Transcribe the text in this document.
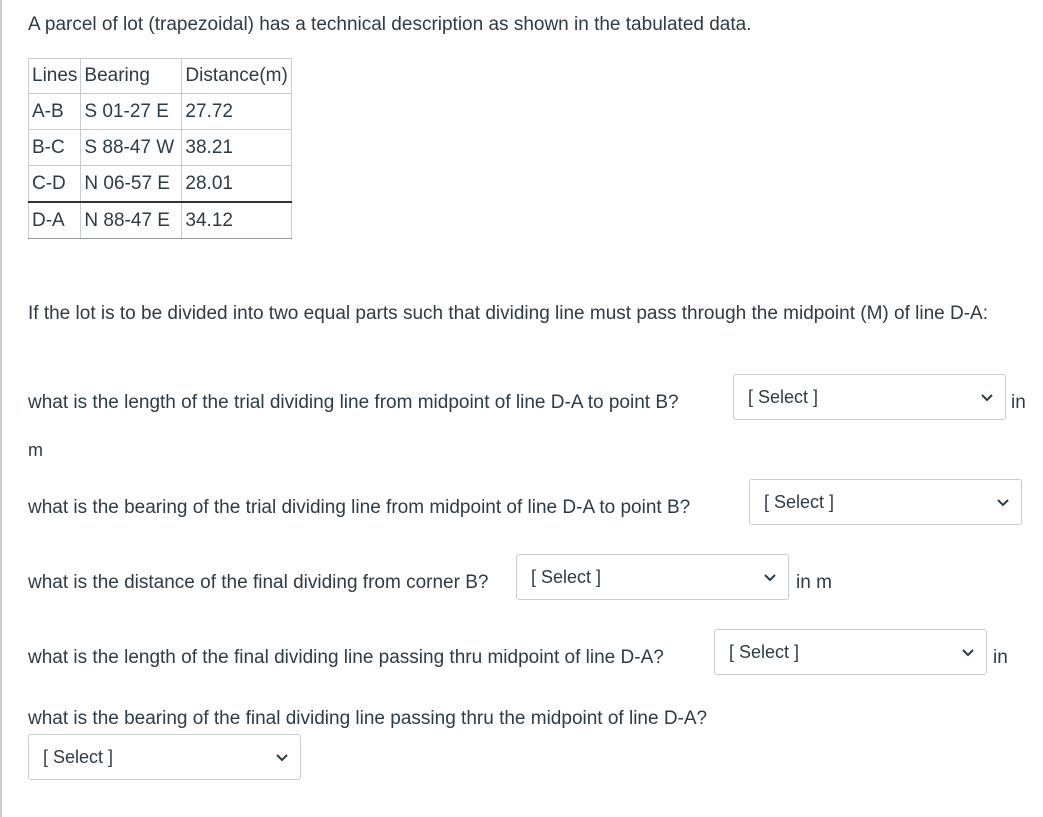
A parcel of lot (trapezoidal) has a technical description as shown in the tabulated data.
Lines	Bearing	Distance(m)
A-B	S 01-27 E	27.72
B-C	S 88-47 W	38.21
C-D	N 06-57 E	28.01
D-A	N 88-47 E	34.12
If the lot is to be divided into two equal parts such that dividing line must pass through the midpoint (M) of line D-A:
what is the length of the trial dividing line from midpoint of line D-A to point B?	[ Select ]	in
m
what is the bearing of the trial dividing line from midpoint of line D-A to point B?	[ Select ]
what is the distance of the final dividing from corner B? [ Select ]	in m
what is the length of the final dividing line passing thru midpoint of line D-A?	[ Select ]	in
what is the bearing of the final dividing line passing thru the midpoint of line D-A?
[ Select ]
